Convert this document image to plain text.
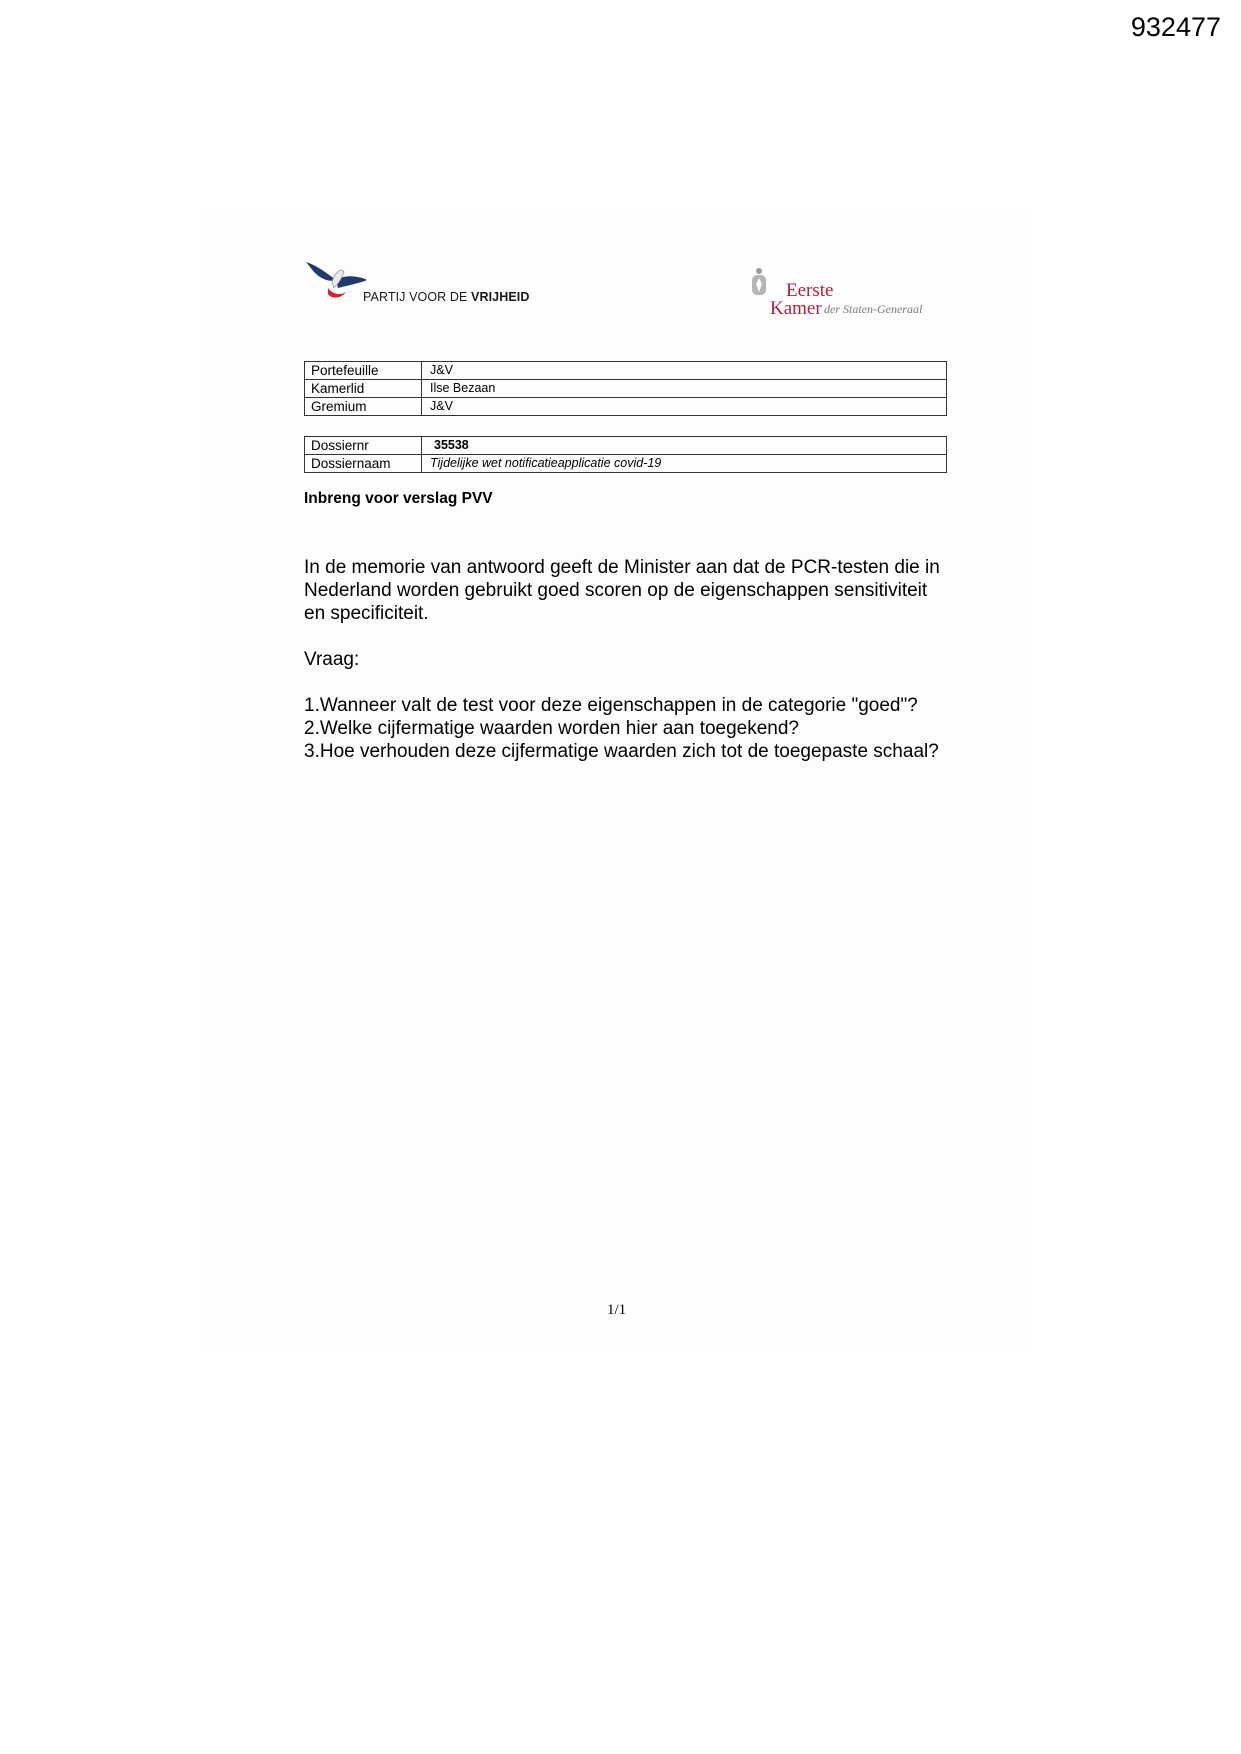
932477
PARTIJ VOOR DE VRIJHEID	Eerste
Kamer der Staten-Generaal
Portefeuille	J&V
Kamerlid	Ilse Bezaan
Gremium	J&V
Dossiernr	35538
Dossiernaam	Tijdelijke wet notificatieapplicatie covid-19
Inbreng voor verslag PVV
In de memorie van antwoord geeft de Minister aan dat de PCR-testen die in Nederland worden gebruikt goed scoren op de eigenschappen sensitiviteit en specificiteit.
Vraag:
1.Wanneer valt de test voor deze eigenschappen in de categorie "goed"?
2.Welke cijfermatige waarden worden hier aan toegekend?
3.Hoe verhouden deze cijfermatige waarden zich tot de toegepaste schaal?
1/1
